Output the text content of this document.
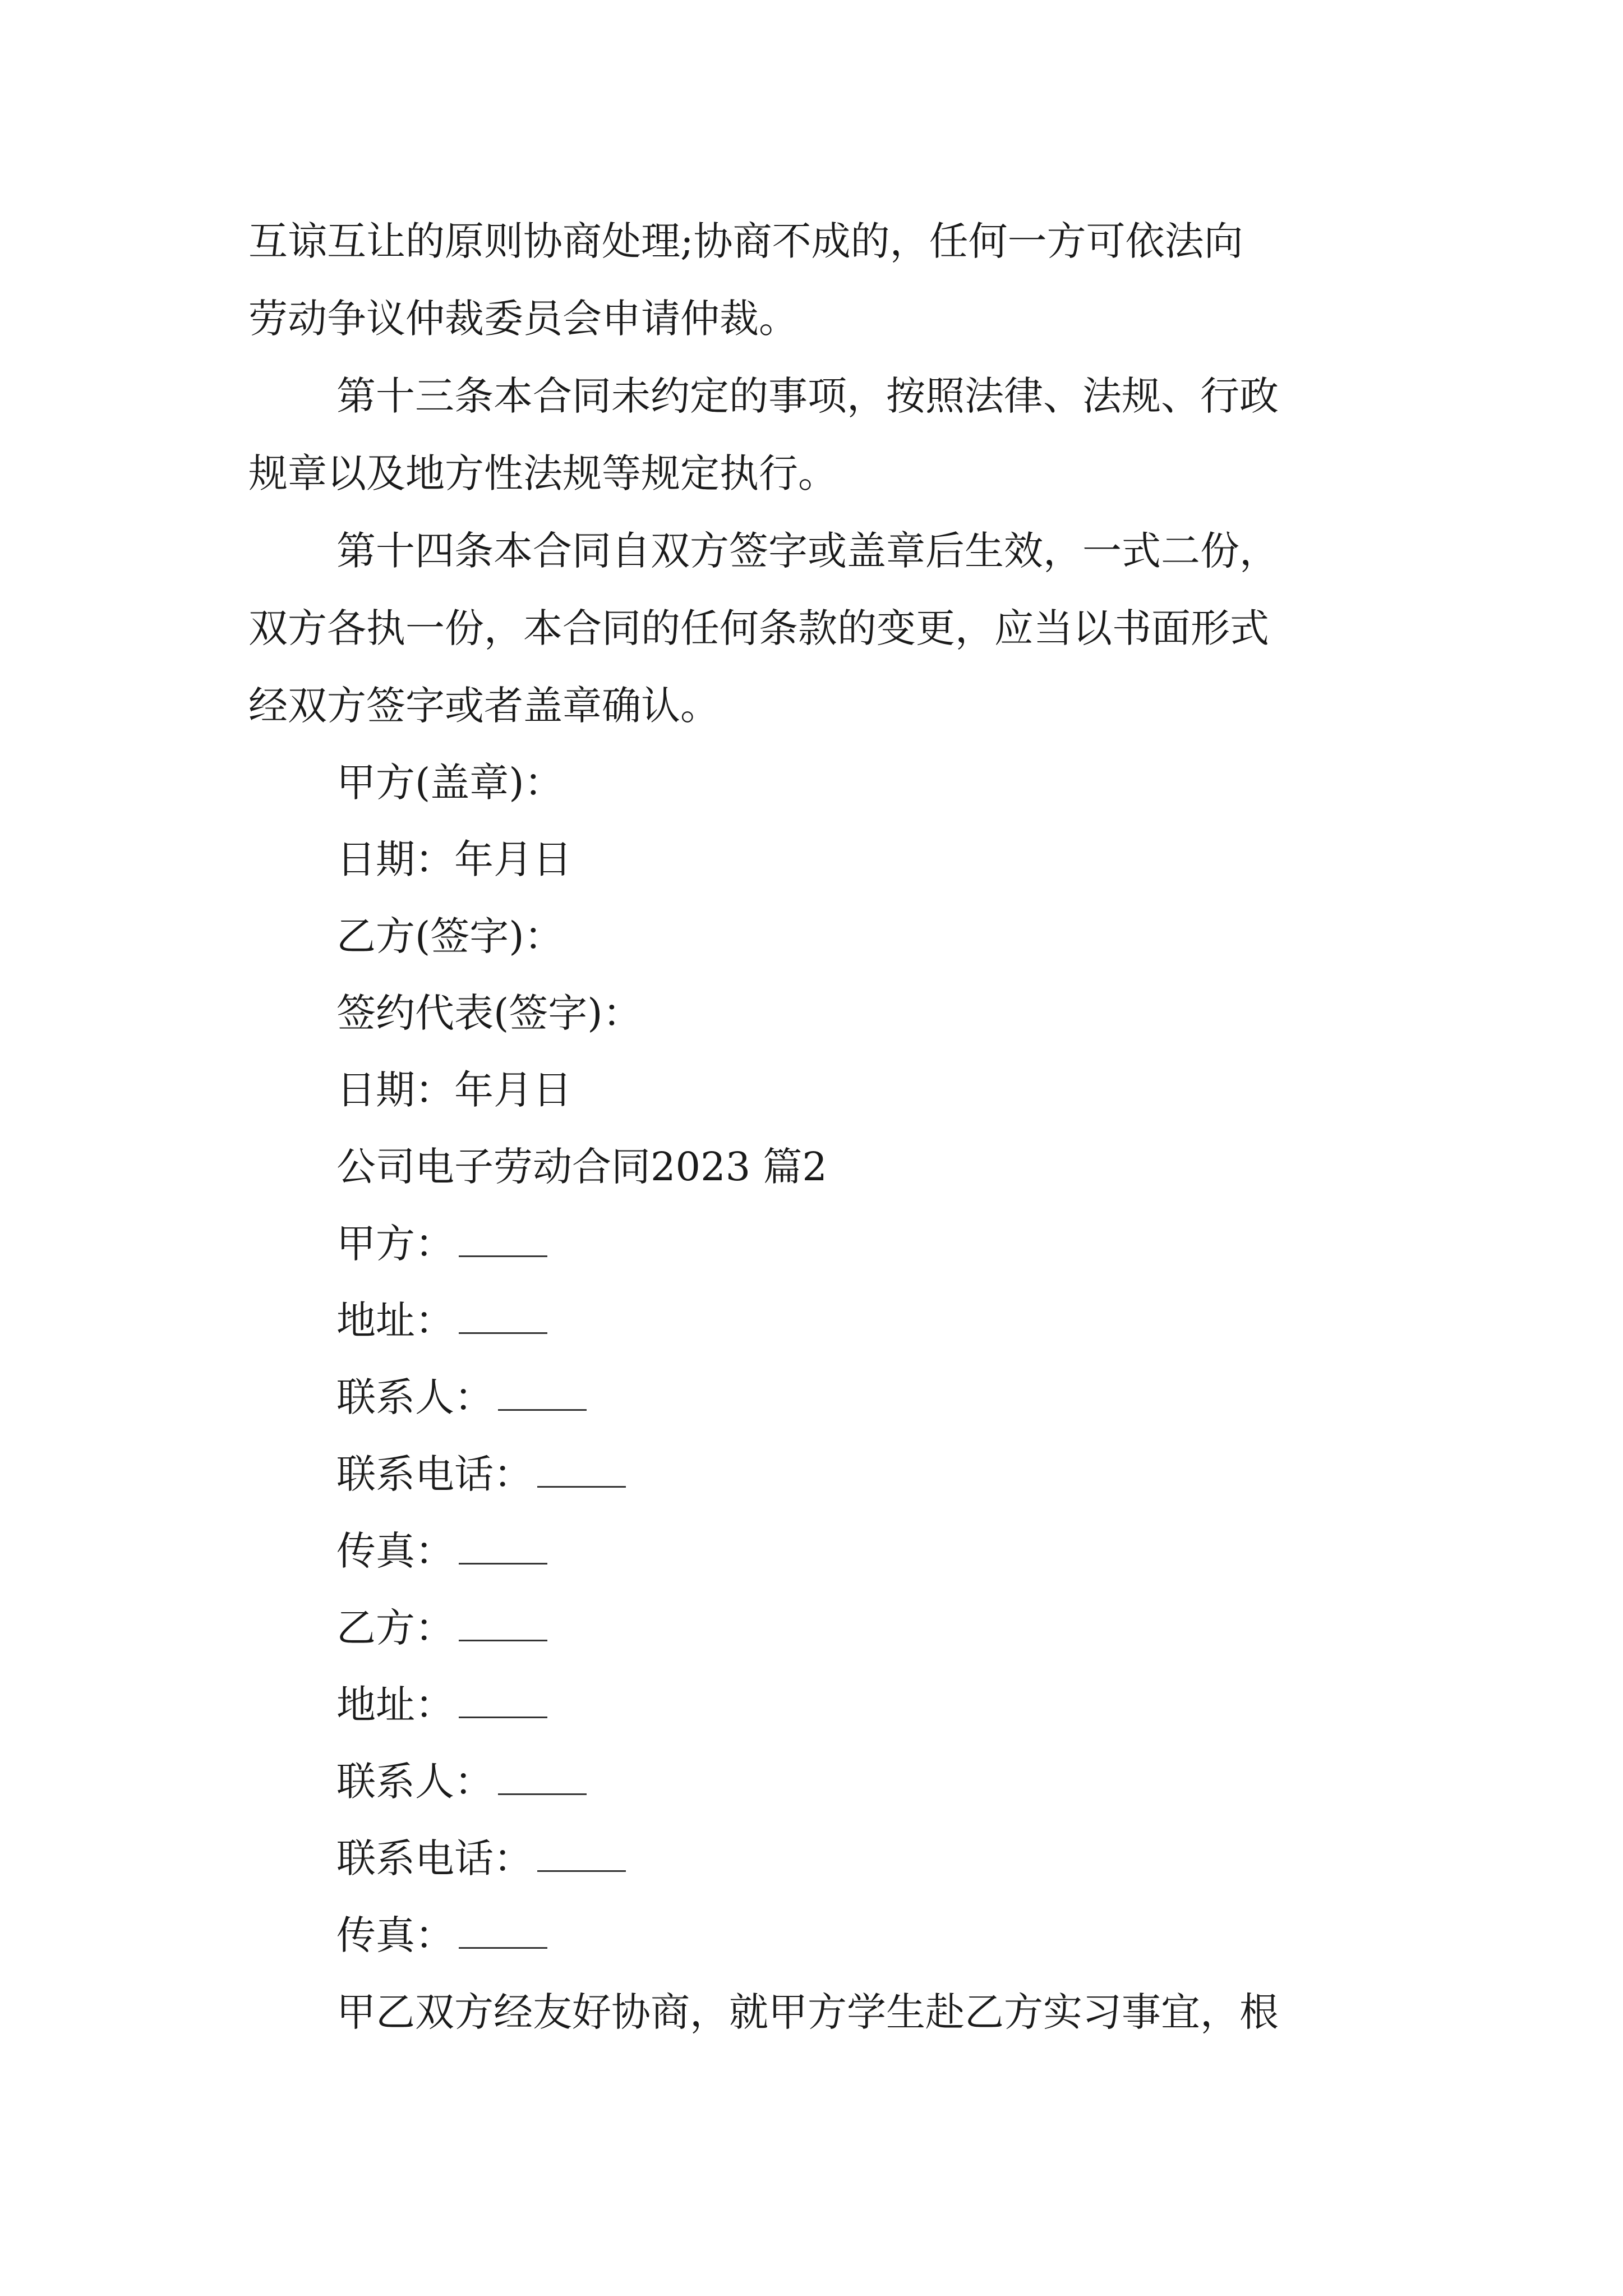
互谅互让的原则协商处理;协商不成的，任何一方可依法向
劳动争议仲裁委员会申请仲裁。
第十三条本合同未约定的事项，按照法律、法规、行政
规章以及地方性法规等规定执行。
第十四条本合同自双方签字或盖章后生效，一式二份，
双方各执一份，本合同的任何条款的变更，应当以书面形式
经双方签字或者盖章确认。
甲方(盖章)：
日期：年月日
乙方(签字)：
签约代表(签字)：
日期：年月日
公司电子劳动合同2023 篇2
甲方：
地址：
联系人：
联系电话：
传真：
乙方：
地址：
联系人：
联系电话：
传真：
甲乙双方经友好协商，就甲方学生赴乙方实习事宜，根
